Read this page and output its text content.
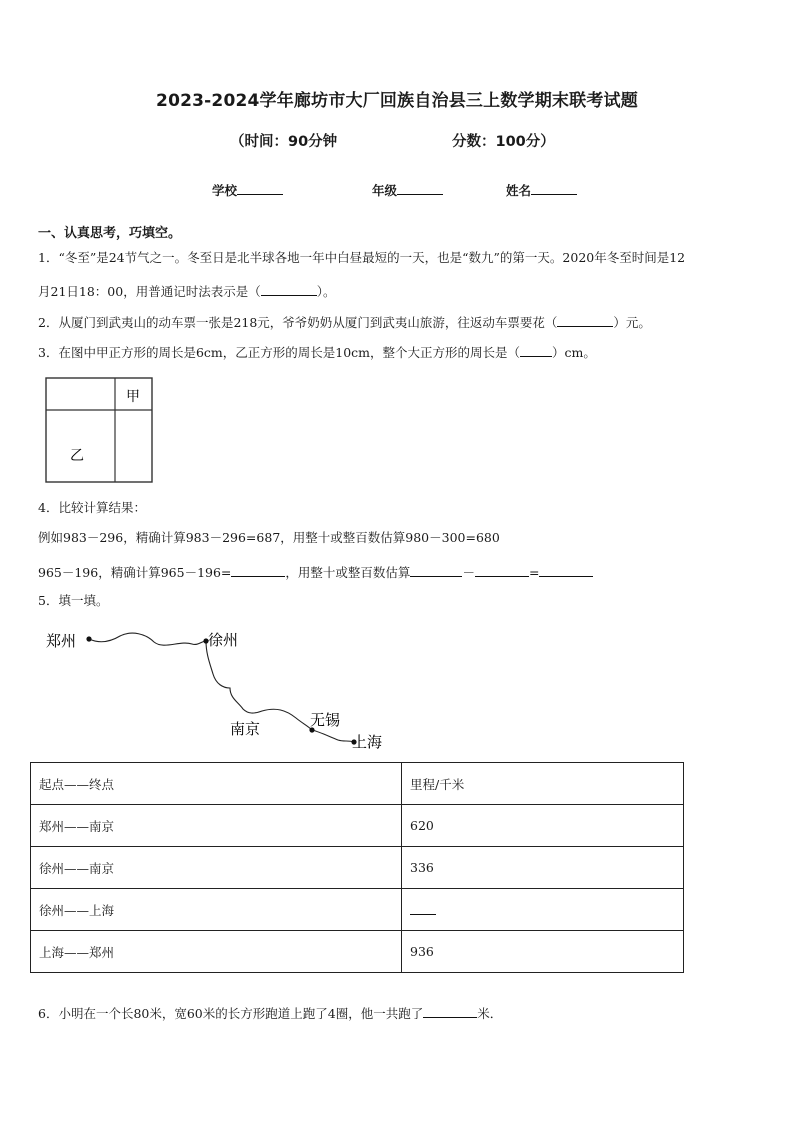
2023-2024学年廊坊市大厂回族自治县三上数学期末联考试题
（时间：90分钟	分数：100分）
学校	年级	姓名
一、认真思考，巧填空。
1．“冬至”是24节气之一。冬至日是北半球各地一年中白昼最短的一天，也是“数九”的第一天。2020年冬至时间是12
月21日18：00，用普通记时法表示是（	）。
2．从厦门到武夷山的动车票一张是218元，爷爷奶奶从厦门到武夷山旅游，往返动车票要花（	）元。
3．在图中甲正方形的周长是6cm，乙正方形的周长是10cm，整个大正方形的周长是（	）cm。
甲
乙
4．比较计算结果：
例如983－296，精确计算983－296=687，用整十或整百数估算980－300=680
965－196，精确计算965－196=	，用整十或整百数估算	－	=
5．填一填。
郑州	徐州
南京	无锡
上海
起点——终点	里程/千米
郑州——南京	620
徐州——南京	336
徐州——上海	
上海——郑州	936
6．小明在一个长80米，宽60米的长方形跑道上跑了4圈，他一共跑了	米．
